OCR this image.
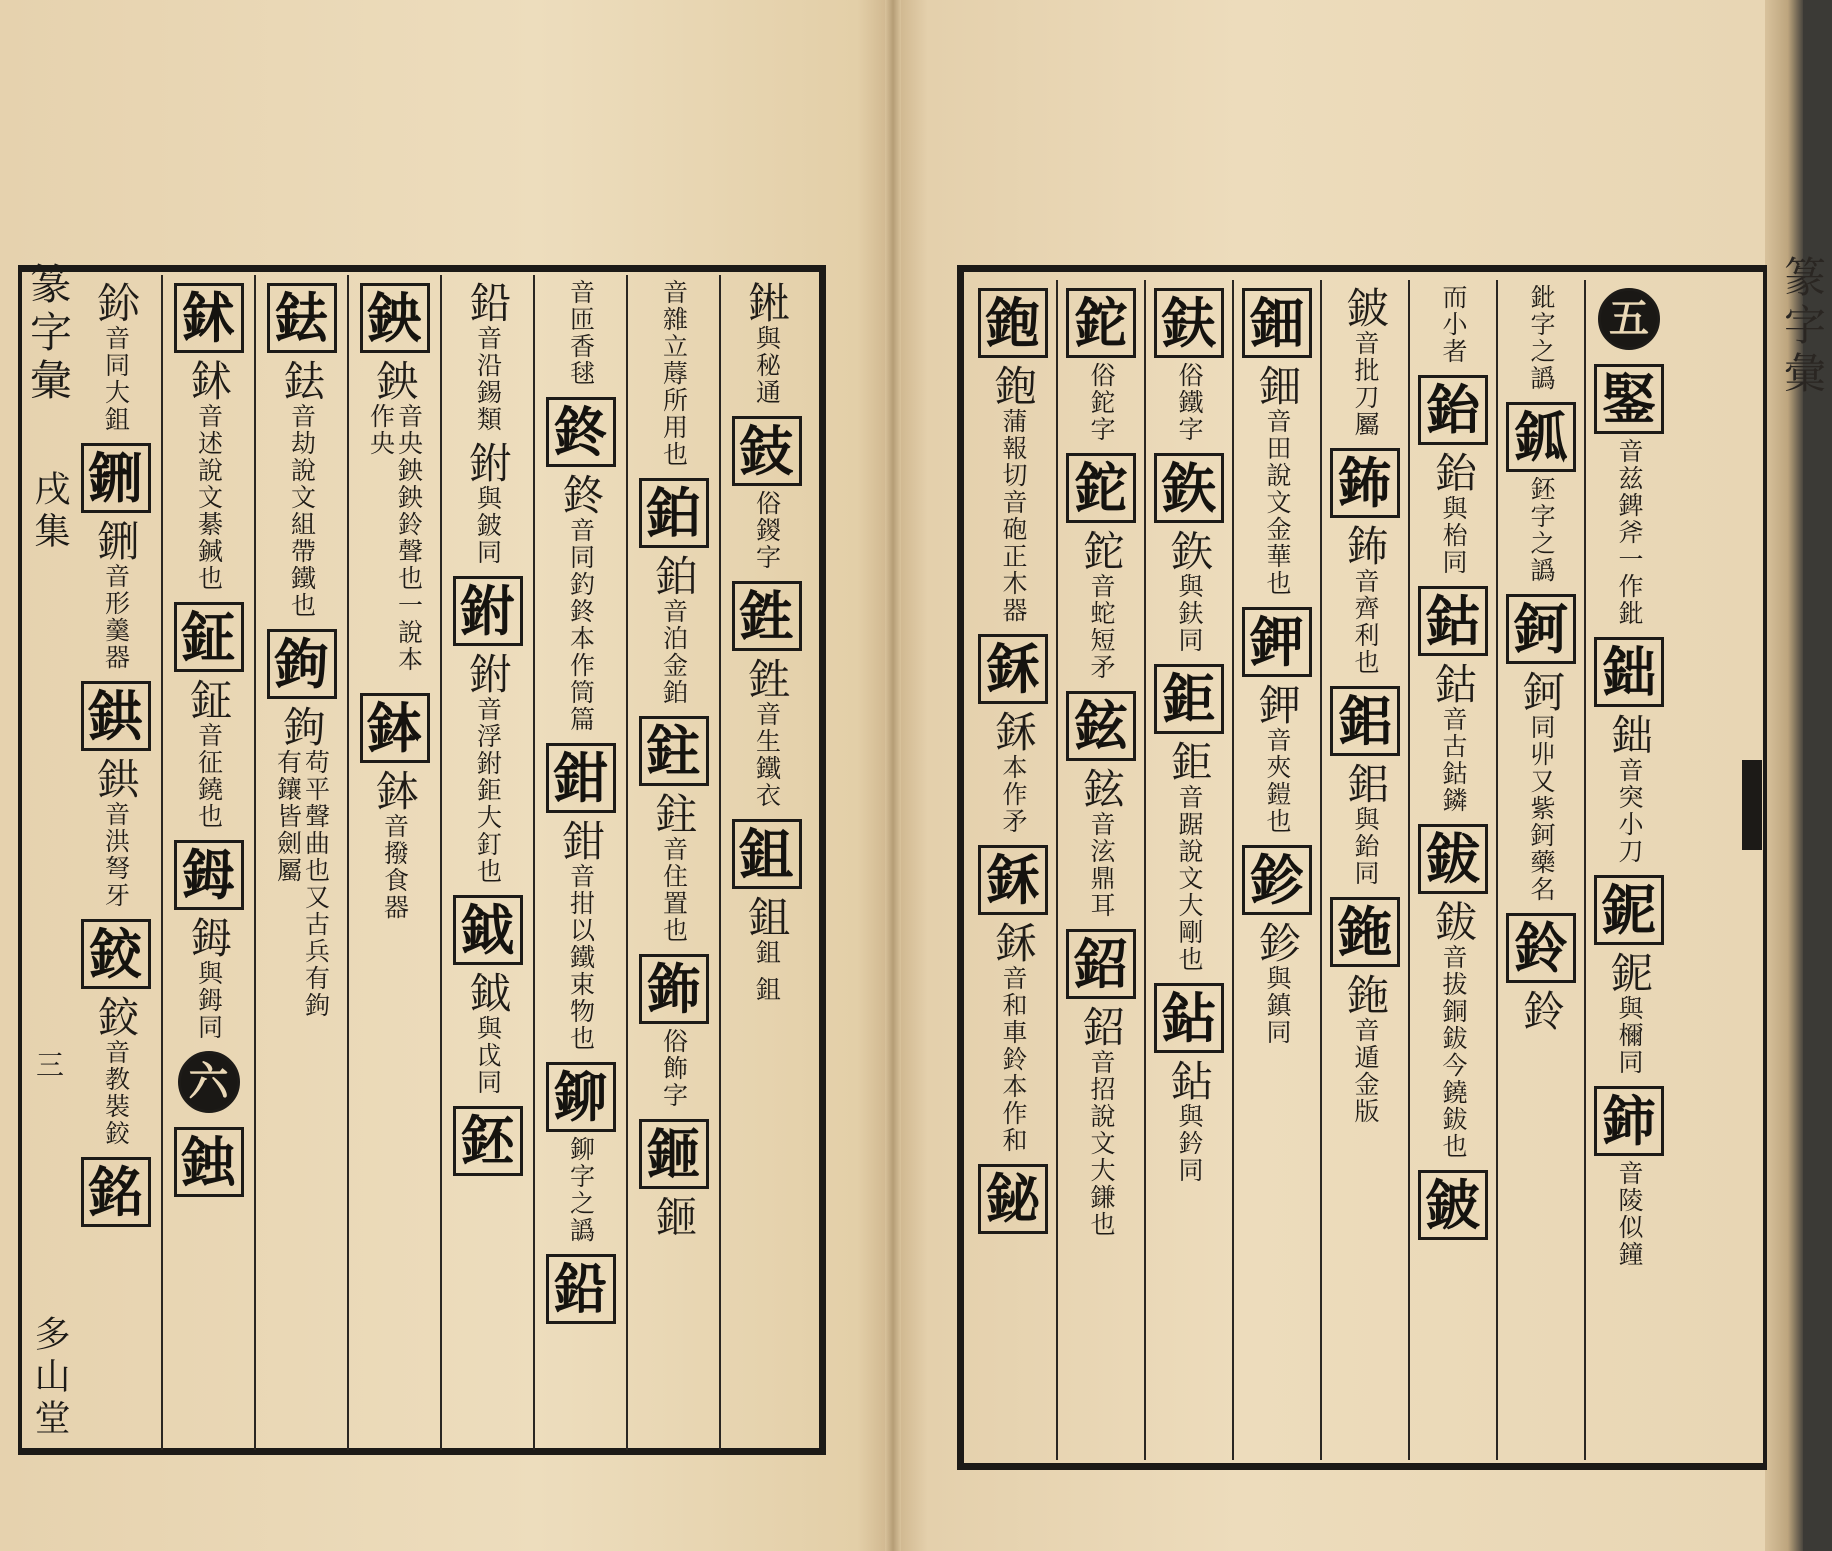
篆字彙
戌集
三
多山堂
篆字彙
𨧀
與秘通
鈘
俗鍐字
鉎
鉎
音生鐵衣
鉏
鉏
鉏 鉏
音雜立蓐所用也
鉑
鉑
音泊金鉑
鉒
鉒
音住置也
鉓
俗飾字
鉔
鉔
音匝香毬
鉖
鉖
音同釣鉖本作筒篇
鉗
鉗
音拑以鐵束物也
鉚
鉚字之譌
鉛
鉛
音沿錫類
鉜
與鈹同
鉜
鉜
音浮鉜鉅大釘也
鉞
鉞
與戉同
鉟
鉠
鉠
音央鉠鉠鈴聲也一說本作央
鉢
鉢
音撥食器
鉣
鉣
音劫說文組帶鐵也
鉤
鉤
苟平聲曲也又古兵有鉤有鑲皆劍屬
鉥
鉥
音述說文綦鍼也
鉦
鉦
音征鐃也
鉧
鉧
與鉧同
六
鉵
鉩
音同大鉏
鉶
鉶
音形羹器
鉷
鉷
音洪弩牙
鉸
鉸
音教裝鉸
銘
五
鋻
音兹錍斧一作鈚
鈯
鈯
音突小刀
鈮
鈮
與檷同
鈰
音陵似鐘
鈚字之譌
鈲
鉟字之譌
鈳
鈳
同丱又紫鈳藥名
鈴
鈴
而小者
鈶
鈶
與枱同
鈷
鈷
音古鈷鏻
鈸
鈸
音拔銅鈸今鐃鈸也
鈹
鈹
音批刀屬
鈽
鈽
音齊利也
鈻
鈻
與鈶同
鉇
鉇
音遁金版
鈿
鈿
音田說文金華也
鉀
鉀
音夾鎧也
鉁
鉁
與鎮同
鈇
俗鐵字
鉃
鉃
與鈇同
鉅
鉅
音踞說文大剛也
鉆
鉆
與鈐同
鉈
俗鉈字
鉈
鉈
音蛇短矛
鉉
鉉
音泫鼎耳
鉊
鉊
音招說文大鎌也
鉋
鉋
蒲報切音砲正木器
鉌
鉌
本作矛
鉌
鉌
音和車鈴本作和
鉍
